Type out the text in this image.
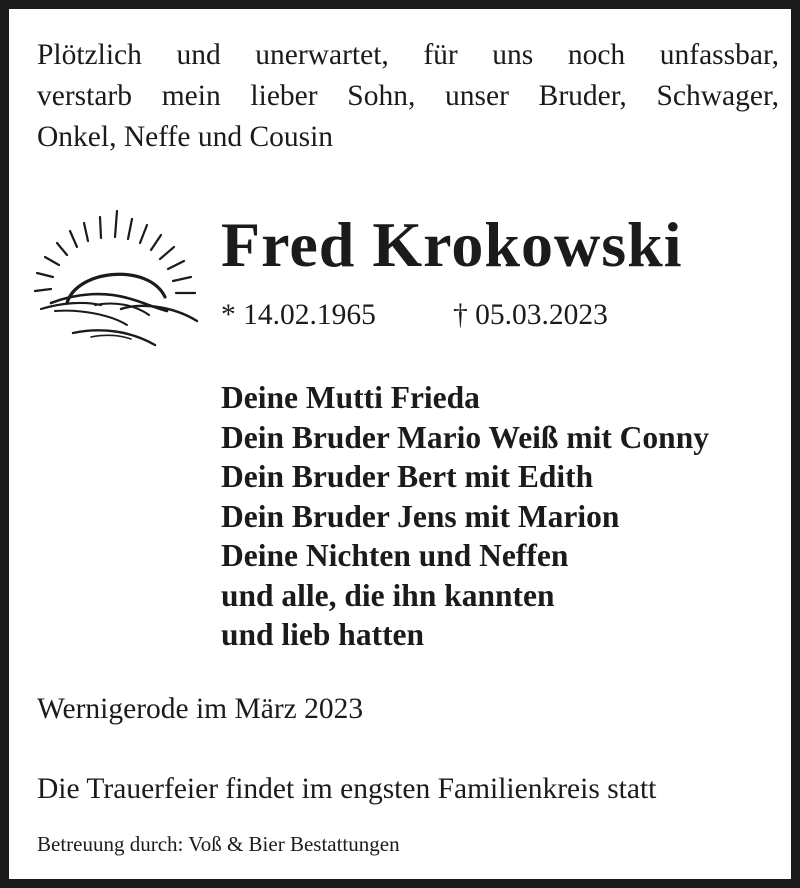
Plötzlich und unerwartet, für uns noch unfassbar,
verstarb mein lieber Sohn, unser Bruder, Schwager,
Onkel, Neffe und Cousin
Fred Krokowski
* 14.02.1965	† 05.03.2023
Deine Mutti Frieda
Dein Bruder Mario Weiß mit Conny
Dein Bruder Bert mit Edith
Dein Bruder Jens mit Marion
Deine Nichten und Neffen
und alle, die ihn kannten
und lieb hatten
Wernigerode im März 2023
Die Trauerfeier findet im engsten Familienkreis statt
Betreuung durch: Voß & Bier Bestattungen
